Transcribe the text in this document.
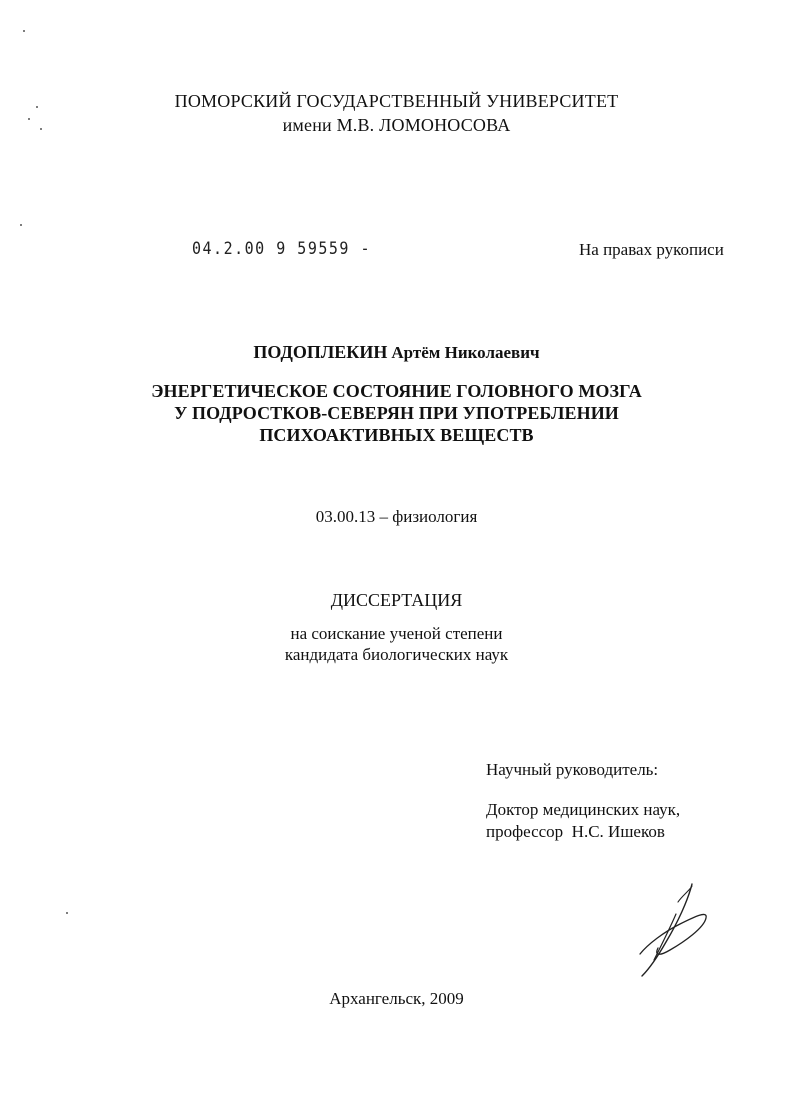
ПОМОРСКИЙ ГОСУДАРСТВЕННЫЙ УНИВЕРСИТЕТ
имени М.В. ЛОМОНОСОВА
04.2.00 9 59559 -	На правах рукописи
ПОДОПЛЕКИН Артём Николаевич
ЭНЕРГЕТИЧЕСКОЕ СОСТОЯНИЕ ГОЛОВНОГО МОЗГА
У ПОДРОСТКОВ-СЕВЕРЯН ПРИ УПОТРЕБЛЕНИИ
ПСИХОАКТИВНЫХ ВЕЩЕСТВ
03.00.13 – физиология
ДИССЕРТАЦИЯ
на соискание ученой степени
кандидата биологических наук
Научный руководитель:
Доктор медицинских наук,
профессор  Н.С. Ишеков
Архангельск, 2009
